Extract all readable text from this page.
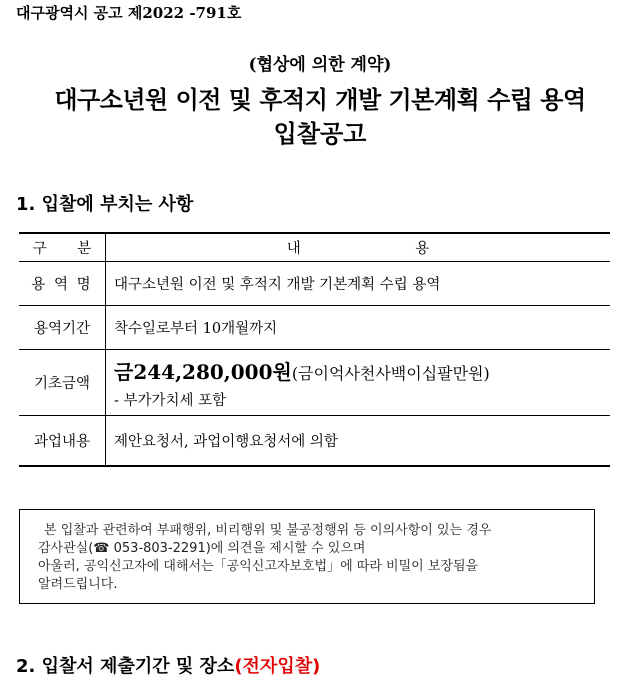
대구광역시 공고 제2022 -791호
(협상에 의한 계약)
대구소년원 이전 및 후적지 개발 기본계획 수립 용역
입찰공고
1. 입찰에 부치는 사항
구 분	내 용
용 역 명	대구소년원 이전 및 후적지 개발 기본계획 수립 용역
용역기간	착수일로부터 10개월까지
기초금액	금244,280,000원(금이억사천사백이십팔만원)
- 부가가치세 포함

과업내용	제안요청서, 과업이행요청서에 의함

본 입찰과 관련하여 부패행위, 비리행위 및 불공정행위 등 이의사항이 있는 경우

감사관실(☎ 053-803-2291)에 의견을 제시할 수 있으며

아울러, 공익신고자에 대해서는「공익신고자보호법」에 따라 비밀이 보장됨을

알려드립니다.

2. 입찰서 제출기간 및 장소(전자입찰)
